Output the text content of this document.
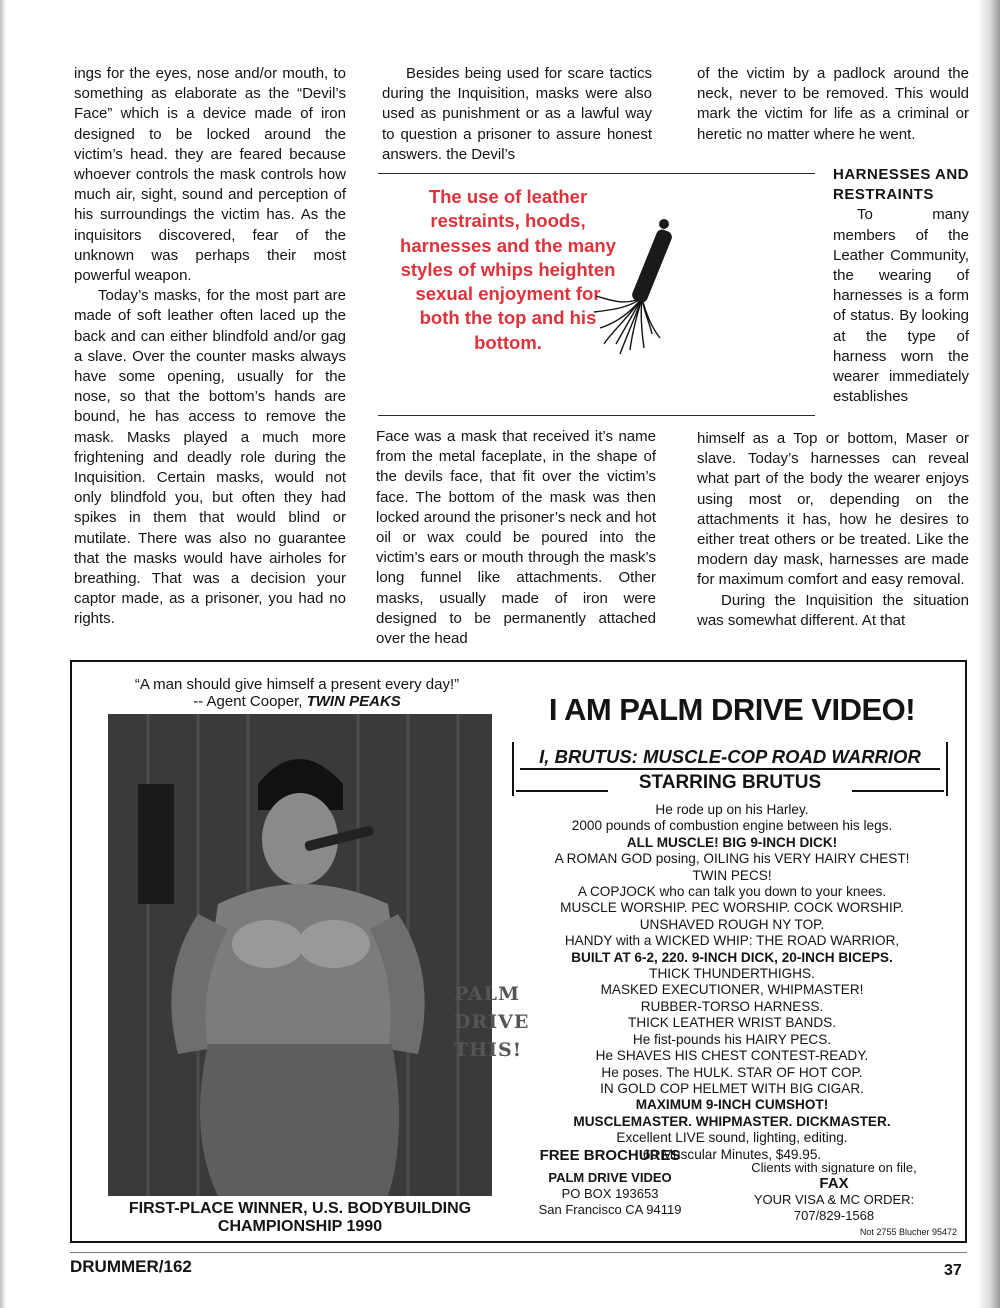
ings for the eyes, nose and/or mouth, to something as elaborate as the “Devil’s Face” which is a device made of iron designed to be locked around the victim’s head. they are feared because whoever controls the mask controls how much air, sight, sound and perception of his surroundings the victim has. As the inquisitors discovered, fear of the unknown was perhaps their most powerful weapon.

Today’s masks, for the most part are made of soft leather often laced up the back and can either blindfold and/or gag a slave. Over the counter masks always have some opening, usually for the nose, so that the bottom’s hands are bound, he has access to remove the mask. Masks played a much more frightening and deadly role during the Inquisition. Certain masks, would not only blindfold you, but often they had spikes in them that would blind or mutilate. There was also no guarantee that the masks would have airholes for breathing. That was a decision your captor made, as a prisoner, you had no rights.

Besides being used for scare tactics during the Inquisition, masks were also used as punishment or as a lawful way to question a prisoner to assure honest answers. the Devil’s

The use of leather restraints, hoods, harnesses and the many styles of whips heighten sexual enjoyment for both the top and his bottom.

Face was a mask that received it’s name from the metal faceplate, in the shape of the devils face, that fit over the victim’s face. The bottom of the mask was then locked around the prisoner’s neck and hot oil or wax could be poured into the victim’s ears or mouth through the mask’s long funnel like attachments. Other masks, usually made of iron were designed to be permanently attached over the head

of the victim by a padlock around the neck, never to be removed. This would mark the victim for life as a criminal or heretic no matter where he went.

HARNESSES AND RESTRAINTS

To many members of the Leather Community, the wearing of harnesses is a form of status. By looking at the type of harness worn the wearer immediately establishes

himself as a Top or bottom, Maser or slave. Today’s harnesses can reveal what part of the body the wearer enjoys using most or, depending on the attachments it has, how he desires to either treat others or be treated. Like the modern day mask, harnesses are made for maximum comfort and easy removal.

During the Inquisition the situation was somewhat different. At that

“A man should give himself a present every day!”
-- Agent Cooper, TWIN PEAKS
PALM
DRIVE
THIS!
FIRST-PLACE WINNER, U.S. BODYBUILDING CHAMPIONSHIP 1990
I AM PALM DRIVE VIDEO!
I, BRUTUS: MUSCLE-COP ROAD WARRIOR
STARRING BRUTUS
He rode up on his Harley.
2000 pounds of combustion engine between his legs.
ALL MUSCLE! BIG 9-INCH DICK!
A ROMAN GOD posing, OILING his VERY HAIRY CHEST!
TWIN PECS!
A COPJOCK who can talk you down to your knees.
MUSCLE WORSHIP. PEC WORSHIP. COCK WORSHIP.
UNSHAVED ROUGH NY TOP.
HANDY with a WICKED WHIP: THE ROAD WARRIOR,
BUILT AT 6-2, 220. 9-INCH DICK, 20-INCH BICEPS.
THICK THUNDERTHIGHS.
MASKED EXECUTIONER, WHIPMASTER!
RUBBER-TORSO HARNESS.
THICK LEATHER WRIST BANDS.
He fist-pounds his HAIRY PECS.
He SHAVES HIS CHEST CONTEST-READY.
He poses. The HULK. STAR OF HOT COP.
IN GOLD COP HELMET WITH BIG CIGAR.
MAXIMUM 9-INCH CUMSHOT!
MUSCLEMASTER. WHIPMASTER. DICKMASTER.
Excellent LIVE sound, lighting, editing.
60 Muscular Minutes, $49.95.
FREE BROCHURES
PALM DRIVE VIDEO
PO BOX 193653
San Francisco CA 94119
Clients with signature on file,
FAX
YOUR VISA & MC ORDER:
707/829-1568
Not 2755 Blucher 95472
DRUMMER/162	37
